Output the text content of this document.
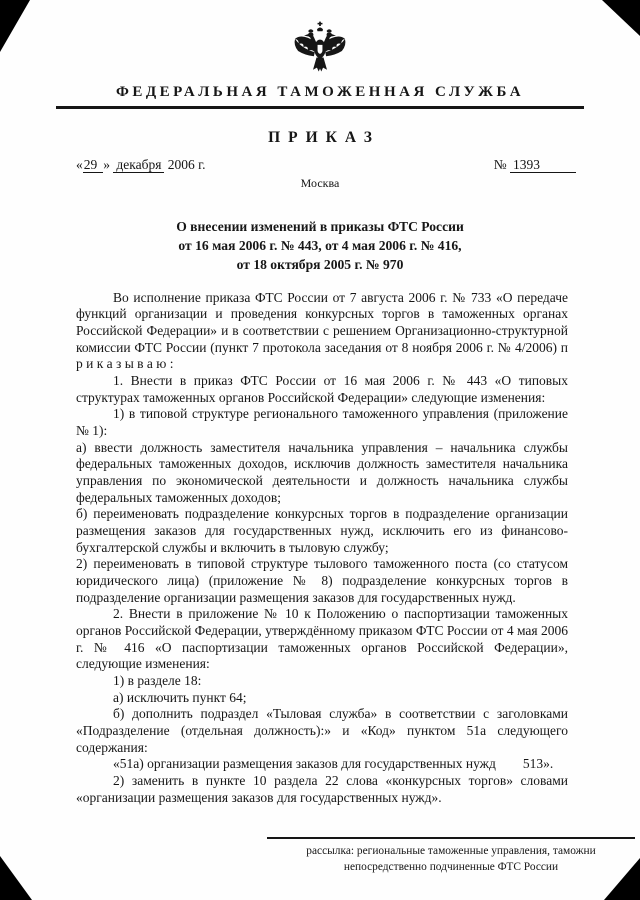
ФЕДЕРАЛЬНАЯ ТАМОЖЕННАЯ СЛУЖБА
ПРИКАЗ
«29 » декабря 2006 г.	№ 1393
Москва
О внесении изменений в приказы ФТС России
от 16 мая 2006 г. № 443, от 4 мая 2006 г. № 416,
от 18 октября 2005 г. № 970

Во исполнение приказа ФТС России от 7 августа 2006 г. № 733 «О передаче функций организации и проведения конкурсных торгов в таможенных органах Российской Федерации» и в соответствии с решением Организационно-структурной комиссии ФТС России (пункт 7 протокола заседания от 8 ноября 2006 г. № 4/2006) п р и к а з ы в а ю :

1. Внести в приказ ФТС России от 16 мая 2006 г. № 443 «О типовых структурах таможенных органов Российской Федерации» следующие изменения:

1) в типовой структуре регионального таможенного управления (приложение № 1):

а) ввести должность заместителя начальника управления – начальника службы федеральных таможенных доходов, исключив должность заместителя начальника управления по экономической деятельности и должность начальника службы федеральных таможенных доходов;

б) переименовать подразделение конкурсных торгов в подразделение организации размещения заказов для государственных нужд, исключить его из финансово-бухгалтерской службы и включить в тыловую службу;

2) переименовать в типовой структуре тылового таможенного поста (со статусом юридического лица) (приложение № 8) подразделение конкурсных торгов в подразделение организации размещения заказов для государственных нужд.

2. Внести в приложение № 10 к Положению о паспортизации таможенных органов Российской Федерации, утверждённому приказом ФТС России от 4 мая 2006 г. № 416 «О паспортизации таможенных органов Российской Федерации», следующие изменения:

1) в разделе 18:

а) исключить пункт 64;

б) дополнить подраздел «Тыловая служба» в соответствии с заголовками «Подразделение (отдельная должность):» и «Код» пунктом 51а следующего содержания:

«51а) организации размещения заказов для государственных нужд        513».

2) заменить в пункте 10 раздела 22 слова «конкурсных торгов» словами «организации размещения заказов для государственных нужд».

рассылка: региональные таможенные управления, таможни
непосредственно подчиненные ФТС России
